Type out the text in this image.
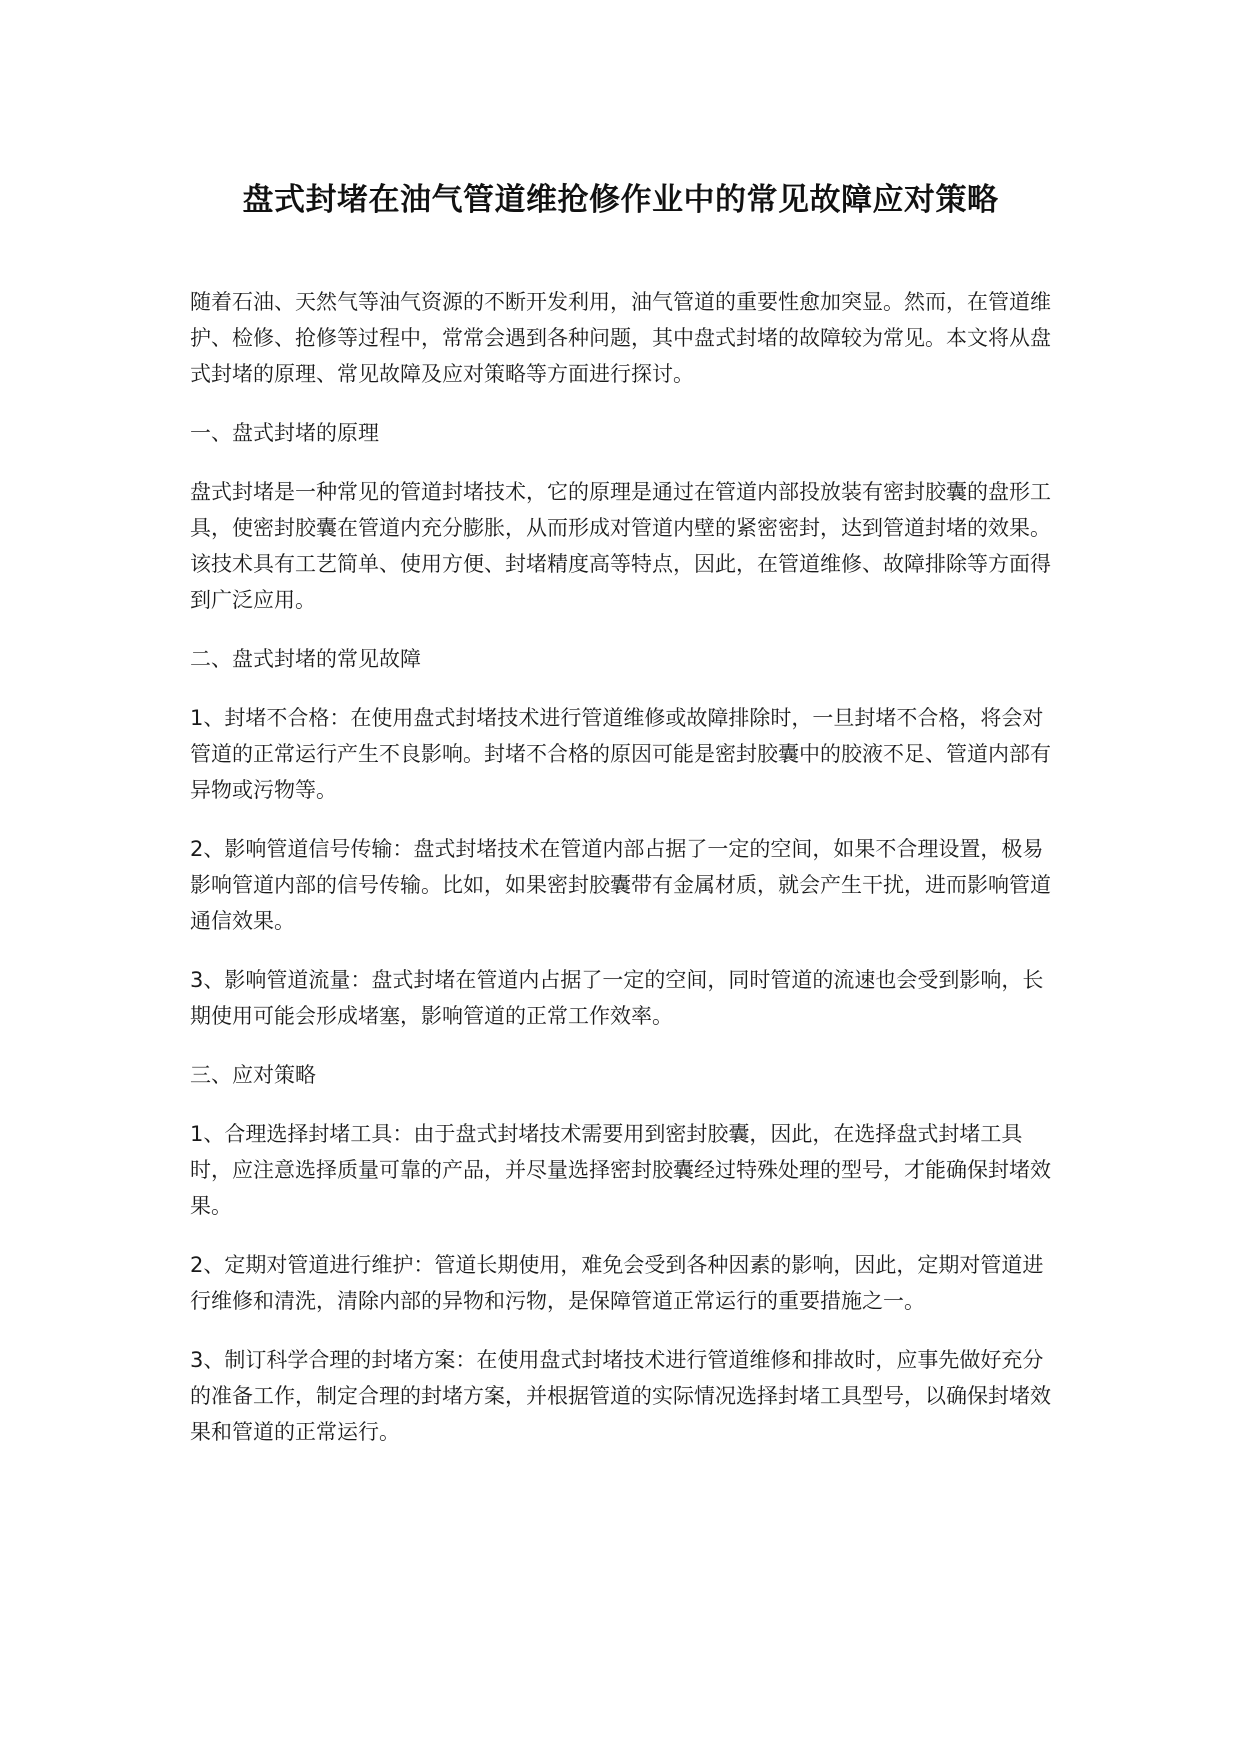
盘式封堵在油气管道维抢修作业中的常见故障应对策略

随着石油、天然气等油气资源的不断开发利用，油气管道的重要性愈加突显。然而，在管道维护、检修、抢修等过程中，常常会遇到各种问题，其中盘式封堵的故障较为常见。本文将从盘式封堵的原理、常见故障及应对策略等方面进行探讨。

一、盘式封堵的原理

盘式封堵是一种常见的管道封堵技术，它的原理是通过在管道内部投放装有密封胶囊的盘形工具，使密封胶囊在管道内充分膨胀，从而形成对管道内壁的紧密密封，达到管道封堵的效果。该技术具有工艺简单、使用方便、封堵精度高等特点，因此，在管道维修、故障排除等方面得到广泛应用。

二、盘式封堵的常见故障

1、封堵不合格：在使用盘式封堵技术进行管道维修或故障排除时，一旦封堵不合格，将会对管道的正常运行产生不良影响。封堵不合格的原因可能是密封胶囊中的胶液不足、管道内部有异物或污物等。

2、影响管道信号传输：盘式封堵技术在管道内部占据了一定的空间，如果不合理设置，极易影响管道内部的信号传输。比如，如果密封胶囊带有金属材质，就会产生干扰，进而影响管道通信效果。

3、影响管道流量：盘式封堵在管道内占据了一定的空间，同时管道的流速也会受到影响，长期使用可能会形成堵塞，影响管道的正常工作效率。

三、应对策略

1、合理选择封堵工具：由于盘式封堵技术需要用到密封胶囊，因此，在选择盘式封堵工具时，应注意选择质量可靠的产品，并尽量选择密封胶囊经过特殊处理的型号，才能确保封堵效果。

2、定期对管道进行维护：管道长期使用，难免会受到各种因素的影响，因此，定期对管道进行维修和清洗，清除内部的异物和污物，是保障管道正常运行的重要措施之一。

3、制订科学合理的封堵方案：在使用盘式封堵技术进行管道维修和排故时，应事先做好充分的准备工作，制定合理的封堵方案，并根据管道的实际情况选择封堵工具型号，以确保封堵效果和管道的正常运行。
